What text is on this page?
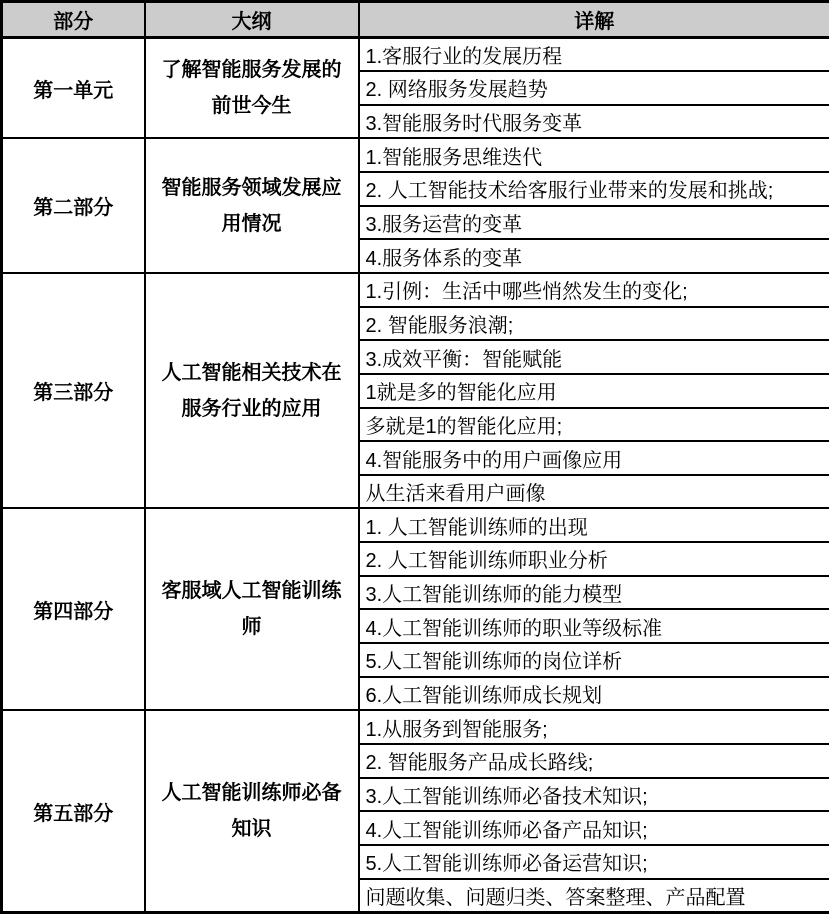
部分	大纲	详解
第一单元	了解智能服务发展的前世今生	1.客服行业的发展历程
		2. 网络服务发展趋势
		3.智能服务时代服务变革
第二部分	智能服务领域发展应用情况	1.智能服务思维迭代
		2. 人工智能技术给客服行业带来的发展和挑战;
		3.服务运营的变革
		4.服务体系的变革
第三部分	人工智能相关技术在服务行业的应用	1.引例：生活中哪些悄然发生的变化;
		2. 智能服务浪潮;
		3.成效平衡：智能赋能
		1就是多的智能化应用
		多就是1的智能化应用;
		4.智能服务中的用户画像应用
		从生活来看用户画像
第四部分	客服域人工智能训练师	1. 人工智能训练师的出现
		2. 人工智能训练师职业分析
		3.人工智能训练师的能力模型
		4.人工智能训练师的职业等级标准
		5.人工智能训练师的岗位详析
		6.人工智能训练师成长规划
第五部分	人工智能训练师必备知识	1.从服务到智能服务;
		2. 智能服务产品成长路线;
		3.人工智能训练师必备技术知识;
		4.人工智能训练师必备产品知识;
		5.人工智能训练师必备运营知识;
		问题收集、问题归类、答案整理、产品配置
